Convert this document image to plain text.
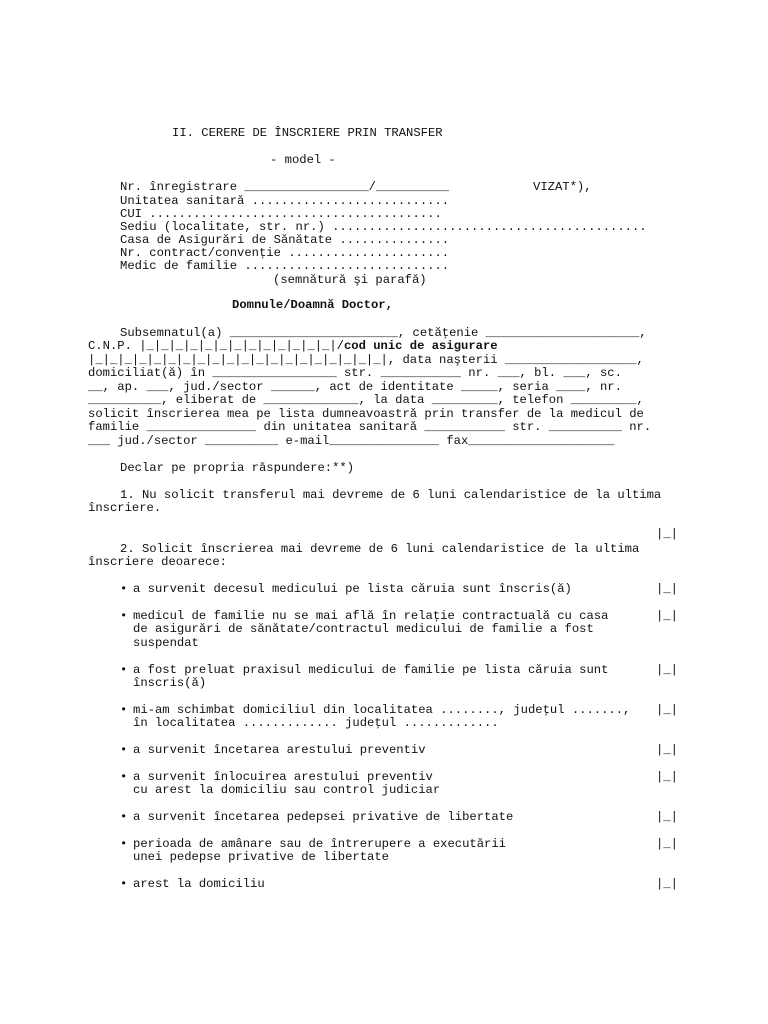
II. CERERE DE ÎNSCRIERE PRIN TRANSFER
- model -
Nr. înregistrare _________________/__________	VIZAT*),
Unitatea sanitară ...........................
CUI ........................................
Sediu (localitate, str. nr.) ...........................................
Casa de Asigurări de Sănătate ...............
Nr. contract/convenţie ......................
Medic de familie ............................
(semnătură şi parafă)
Domnule/Doamnă Doctor,
Subsemnatul(a) _______________________, cetăţenie _____________________,
C.N.P. |_|_|_|_|_|_|_|_|_|_|_|_|_|/cod unic de asigurare
|_|_|_|_|_|_|_|_|_|_|_|_|_|_|_|_|_|_|_|_|, data naşterii __________________,
domiciliat(ă) în _________________ str. ___________ nr. ___, bl. ___, sc.
__, ap. ___, jud./sector ______, act de identitate _____, seria ____, nr.
__________, eliberat de _____________, la data _________, telefon _________,
solicit înscrierea mea pe lista dumneavoastră prin transfer de la medicul de
familie _______________ din unitatea sanitară ___________ str. __________ nr.
___ jud./sector __________ e-mail_______________ fax____________________
Declar pe propria răspundere:**)
1. Nu solicit transferul mai devreme de 6 luni calendaristice de la ultima
înscriere.
|_|
2. Solicit înscrierea mai devreme de 6 luni calendaristice de la ultima
înscriere deoarece:
• a survenit decesul medicului pe lista căruia sunt înscris(ă)	|_|
• medicul de familie nu se mai află în relaţie contractuală cu casa
de asigurări de sănătate/contractul medicului de familie a fost
suspendat
|_|
• a fost preluat praxisul medicului de familie pe lista căruia sunt
înscris(ă)
|_|
• mi-am schimbat domiciliul din localitatea ........, judeţul .......,
în localitatea ............. judeţul .............
|_|
• a survenit încetarea arestului preventiv	|_|
• a survenit înlocuirea arestului preventiv
cu arest la domiciliu sau control judiciar
|_|
• a survenit încetarea pedepsei privative de libertate	|_|
• perioada de amânare sau de întrerupere a executării
unei pedepse privative de libertate
|_|
• arest la domiciliu	|_|
